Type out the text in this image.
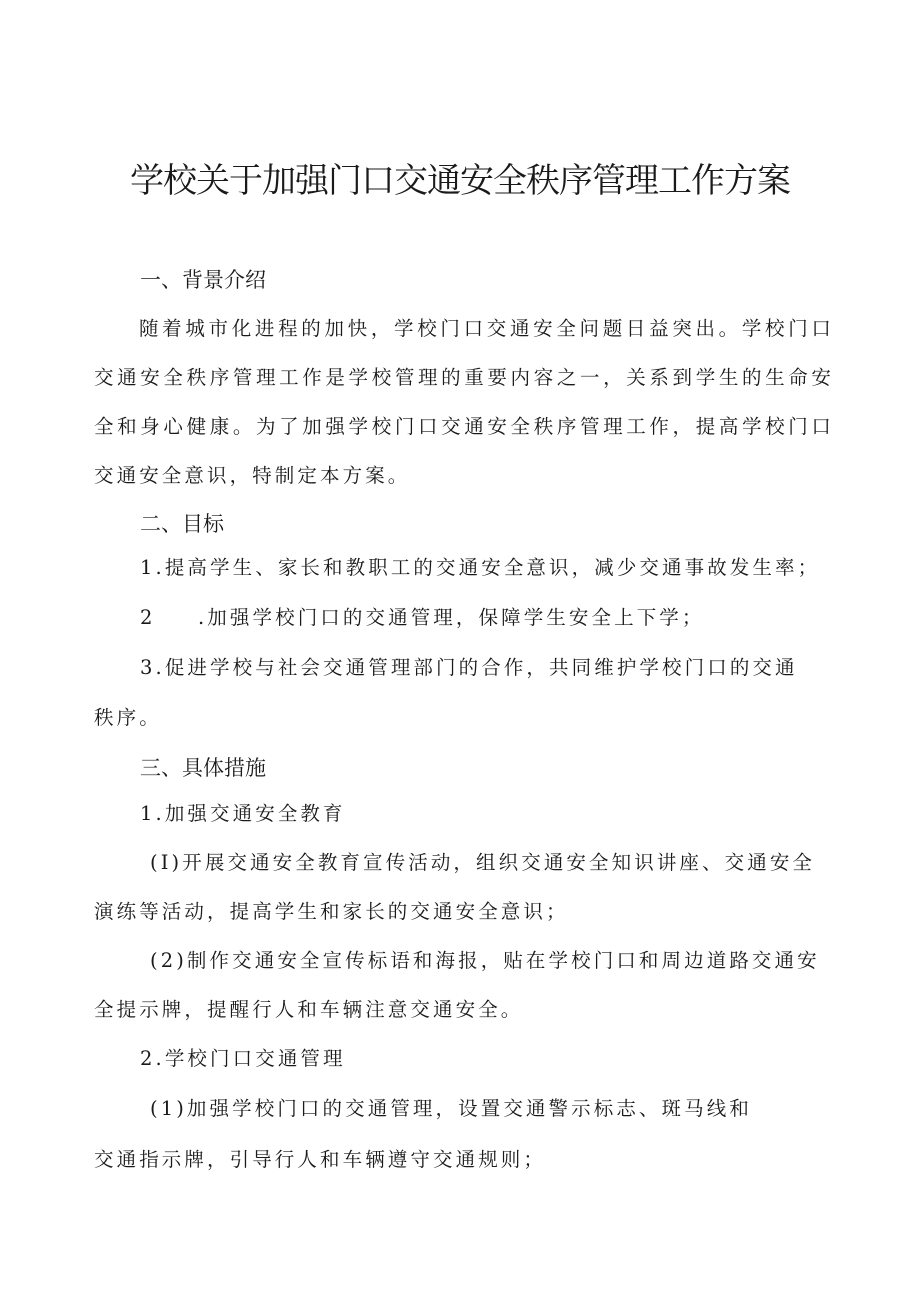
学校关于加强门口交通安全秩序管理工作方案
一、背景介绍

随着城市化进程的加快，学校门口交通安全问题日益突出。学校门口交通安全秩序管理工作是学校管理的重要内容之一，关系到学生的生命安全和身心健康。为了加强学校门口交通安全秩序管理工作，提高学校门口交通安全意识，特制定本方案。

二、目标
1.提高学生、家长和教职工的交通安全意识，减少交通事故发生率；
2 .加强学校门口的交通管理，保障学生安全上下学；
3.促进学校与社会交通管理部门的合作，共同维护学校门口的交通
秩序。
三、具体措施
1.加强交通安全教育
(I)开展交通安全教育宣传活动，组织交通安全知识讲座、交通安全
演练等活动，提高学生和家长的交通安全意识；
(2)制作交通安全宣传标语和海报，贴在学校门口和周边道路交通安
全提示牌，提醒行人和车辆注意交通安全。
2.学校门口交通管理
(1)加强学校门口的交通管理，设置交通警示标志、斑马线和
交通指示牌，引导行人和车辆遵守交通规则；
